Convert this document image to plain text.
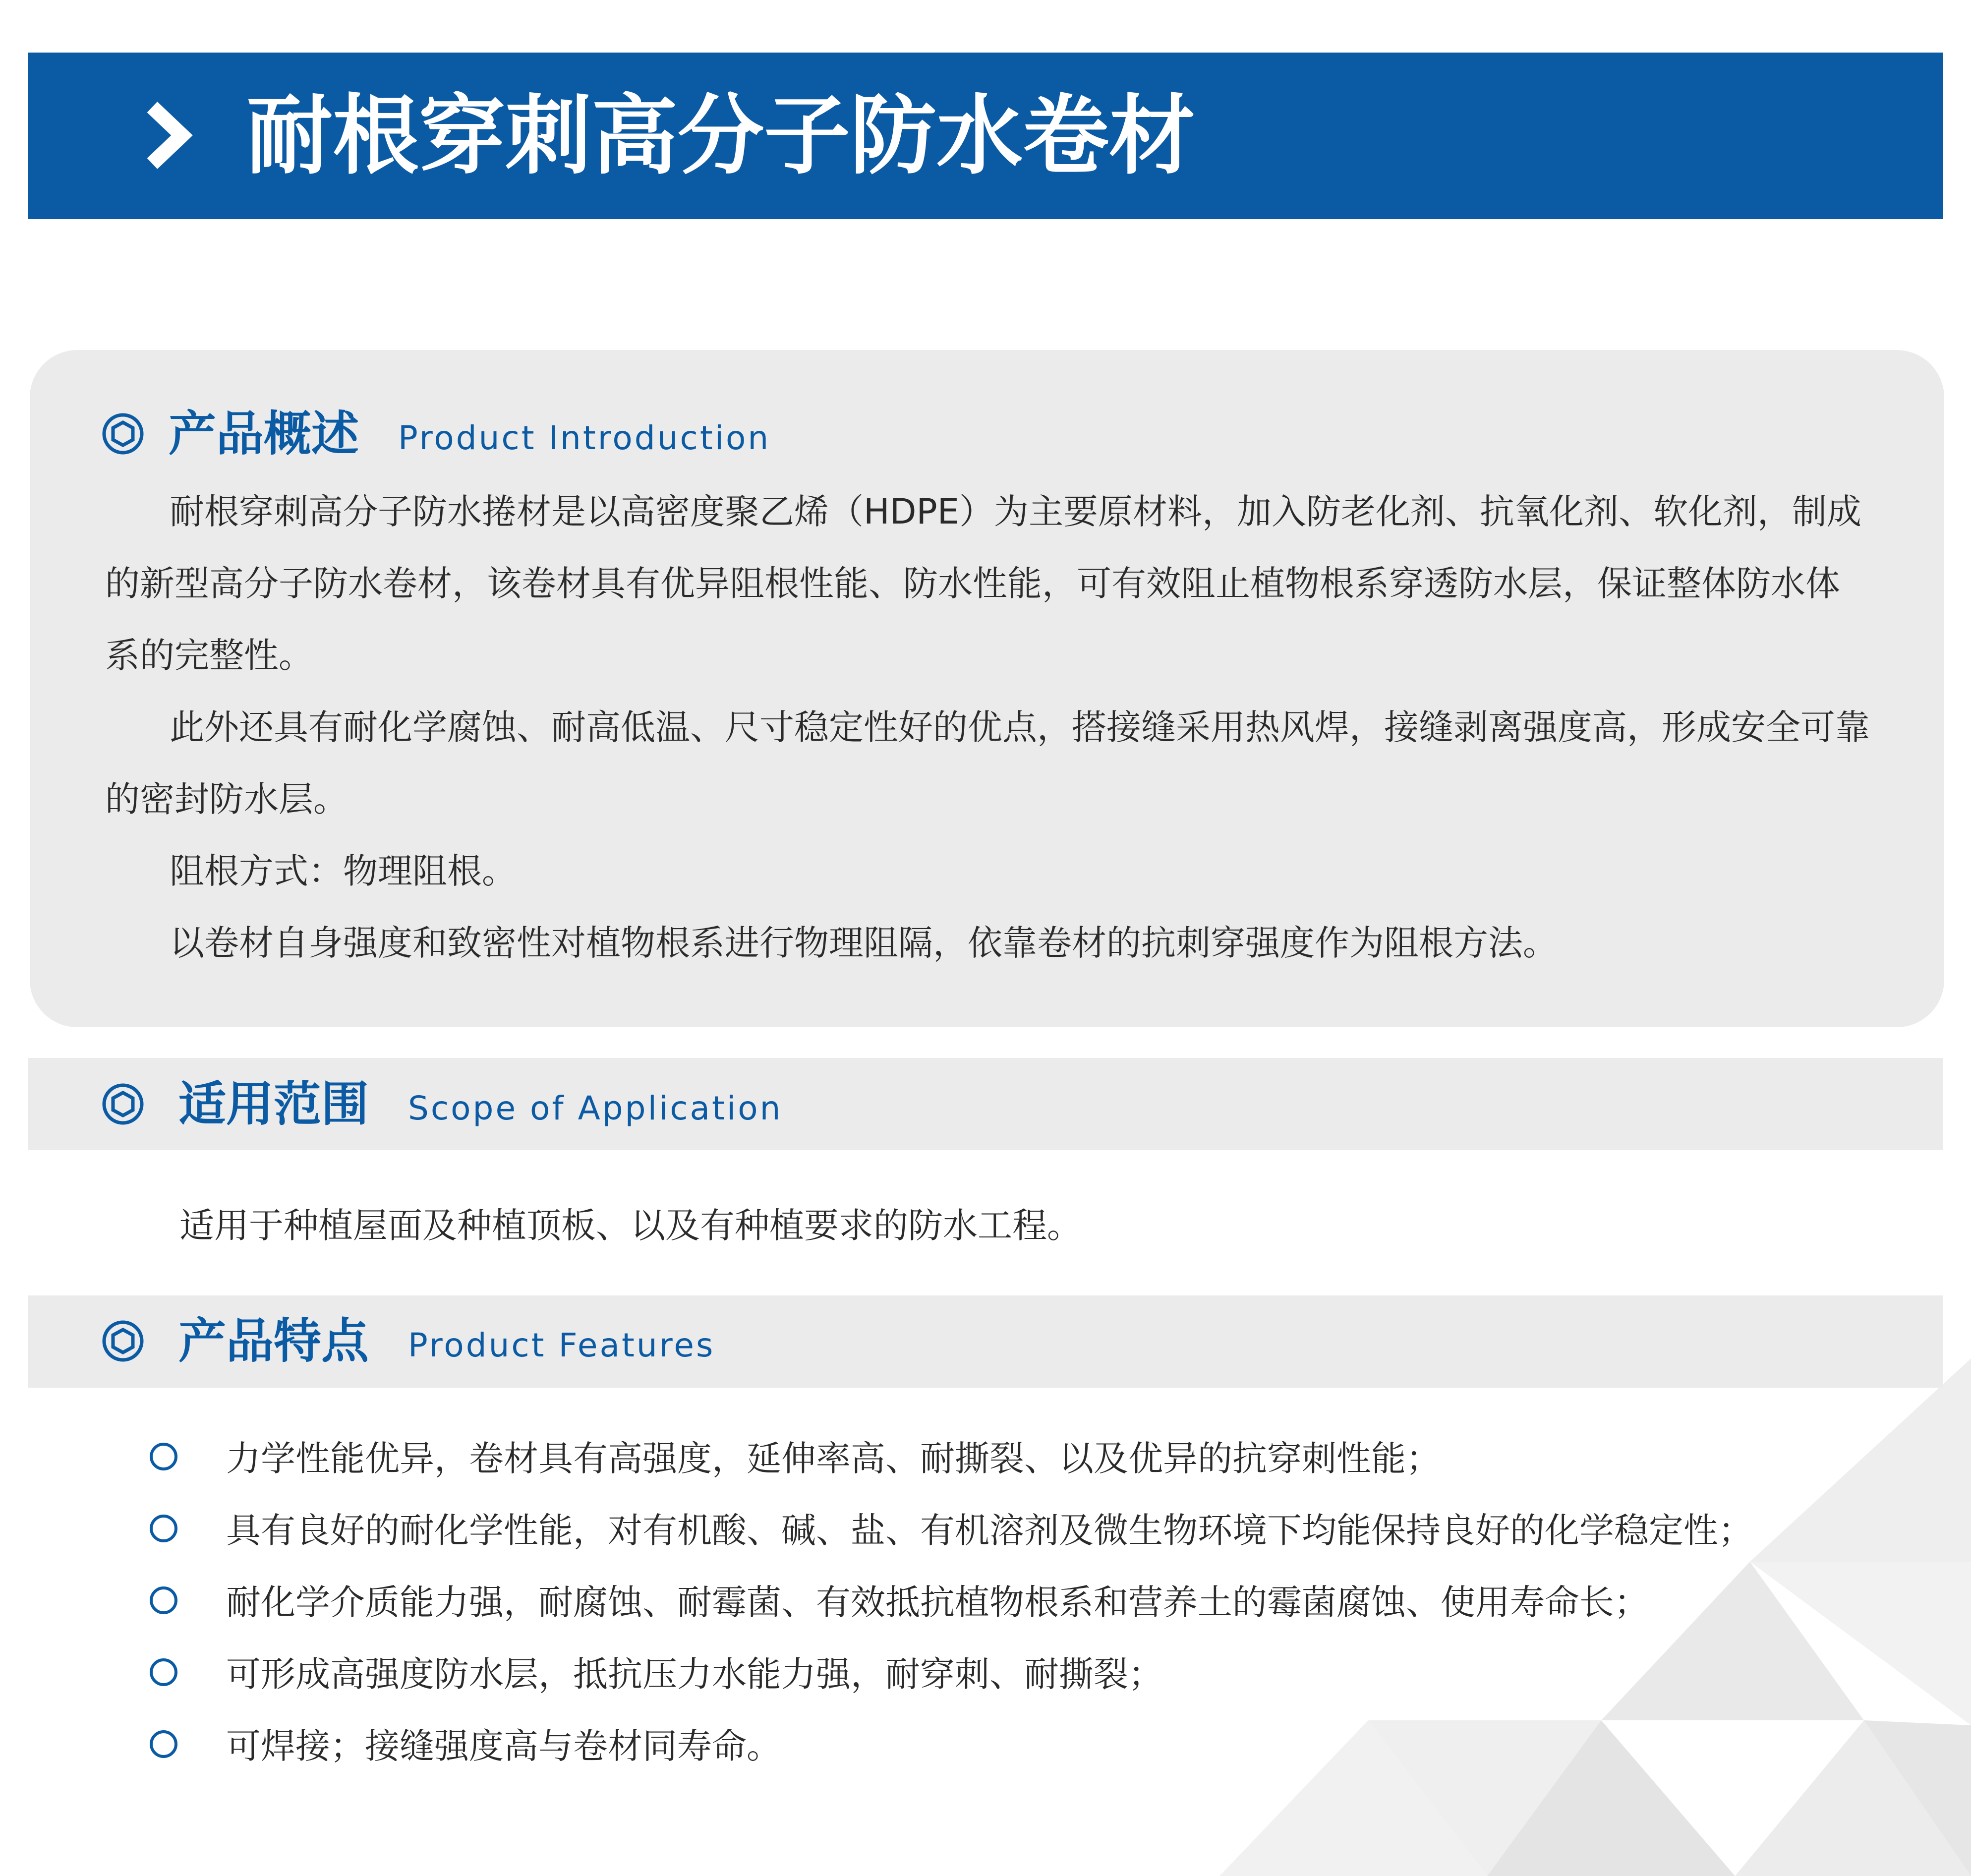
耐根穿刺高分子防水卷材
产品概述 Product Introduction

耐根穿刺高分子防水捲材是以高密度聚乙烯（HDPE）为主要原材料，加入防老化剂、抗氧化剂、软化剂，制成的新型高分子防水卷材，该卷材具有优异阻根性能、防水性能，可有效阻止植物根系穿透防水层，保证整体防水体系的完整性。

此外还具有耐化学腐蚀、耐高低温、尺寸稳定性好的优点，搭接缝采用热风焊，接缝剥离强度高，形成安全可靠的密封防水层。

阻根方式：物理阻根。

以卷材自身强度和致密性对植物根系进行物理阻隔，依靠卷材的抗刺穿强度作为阻根方法。

适用范围 Scope of Application
适用于种植屋面及种植顶板、以及有种植要求的防水工程。
产品特点 Product Features
力学性能优异，卷材具有高强度，延伸率高、耐撕裂、以及优异的抗穿刺性能；
具有良好的耐化学性能，对有机酸、碱、盐、有机溶剂及微生物环境下均能保持良好的化学稳定性；
耐化学介质能力强，耐腐蚀、耐霉菌、有效抵抗植物根系和营养土的霉菌腐蚀、使用寿命长；
可形成高强度防水层，抵抗压力水能力强，耐穿刺、耐撕裂；
可焊接；接缝强度高与卷材同寿命。
